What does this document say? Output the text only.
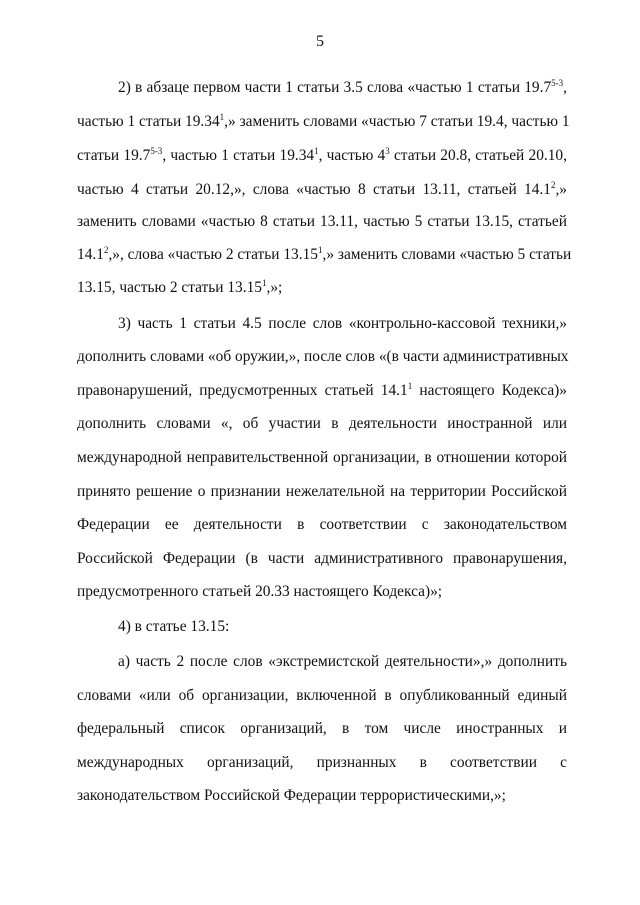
5
2) в абзаце первом части 1 статьи 3.5 слова «частью 1 статьи 19.7$^{5-3}$,
частью 1 статьи 19.34$^1$,» заменить словами «частью 7 статьи 19.4, частью 1
статьи 19.7$^{5-3}$, частью 1 статьи 19.34$^1$, частью $4^3$ статьи 20.8, статьей 20.10,
частью 4 статьи 20.12,», слова «частью 8 статьи 13.11, статьей 14.1$^2$,»
заменить словами «частью 8 статьи 13.11, частью 5 статьи 13.15, статьей
14.1$^2$,», слова «частью 2 статьи 13.15$^1$,» заменить словами «частью 5 статьи
13.15, частью 2 статьи 13.15$^1$,»;
3) часть 1 статьи 4.5 после слов «контрольно-кассовой техники,»
дополнить словами «об оружии,», после слов «(в части административных
правонарушений, предусмотренных статьей 14.1$^1$ настоящего Кодекса)»
дополнить словами «, об участии в деятельности иностранной или
международной неправительственной организации, в отношении которой
принято решение о признании нежелательной на территории Российской
Федерации ее деятельности в соответствии с законодательством
Российской Федерации (в части административного правонарушения,
предусмотренного статьей 20.33 настоящего Кодекса)»;
4) в статье 13.15:
а) часть 2 после слов «экстремистской деятельности»,» дополнить
словами «или об организации, включенной в опубликованный единый
федеральный список организаций, в том числе иностранных и
международных организаций, признанных в соответствии с
законодательством Российской Федерации террористическими,»;
